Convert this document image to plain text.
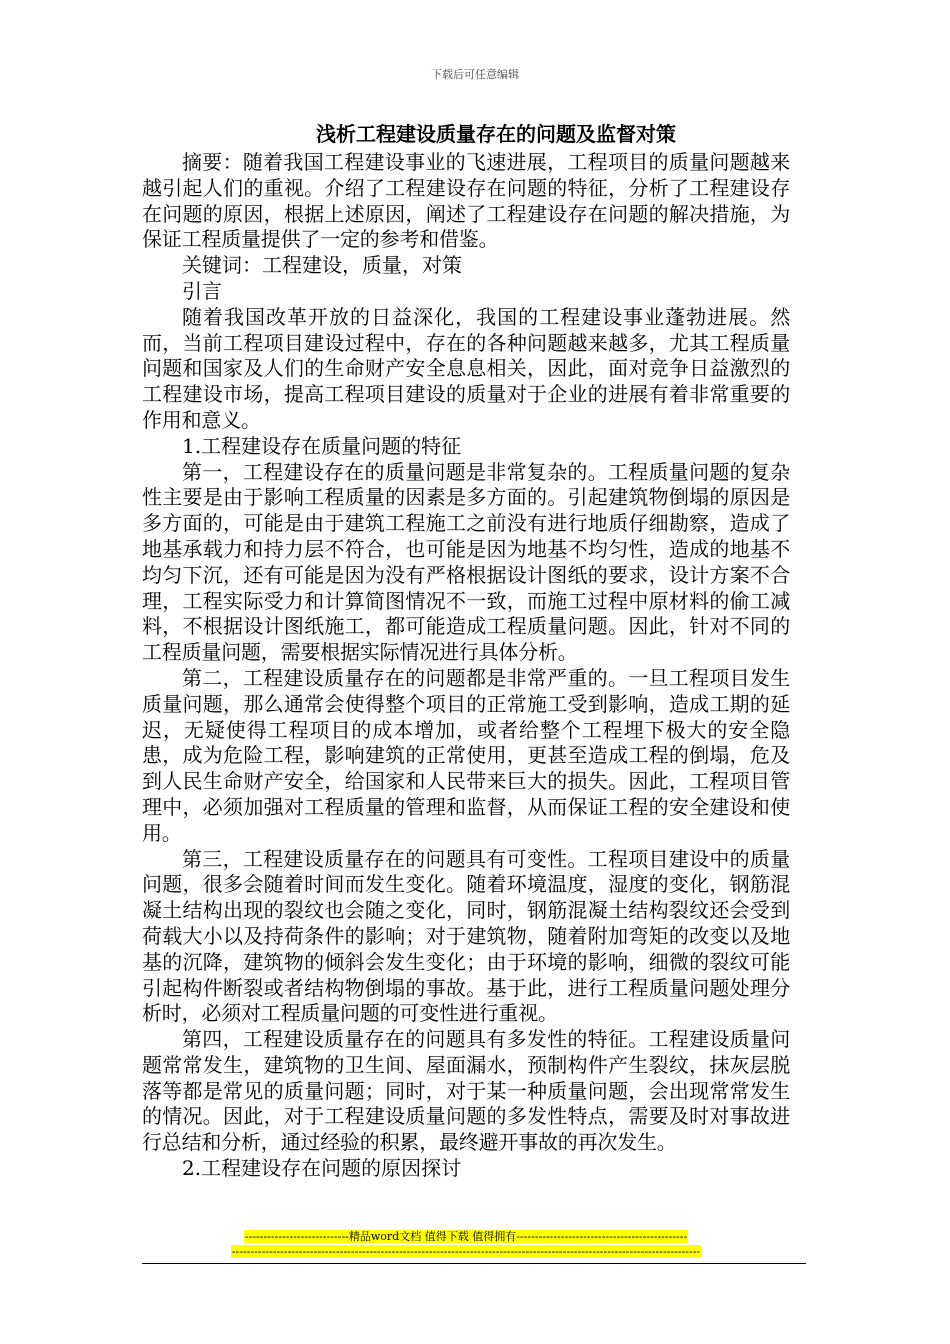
下载后可任意编辑
浅析工程建设质量存在的问题及监督对策

摘要：随着我国工程建设事业的飞速进展，工程项目的质量问题越来越引起人们的重视。介绍了工程建设存在问题的特征，分析了工程建设存在问题的原因，根据上述原因，阐述了工程建设存在问题的解决措施，为保证工程质量提供了一定的参考和借鉴。

关键词：工程建设，质量，对策

引言

随着我国改革开放的日益深化，我国的工程建设事业蓬勃进展。然而，当前工程项目建设过程中，存在的各种问题越来越多，尤其工程质量问题和国家及人们的生命财产安全息息相关，因此，面对竞争日益激烈的工程建设市场，提高工程项目建设的质量对于企业的进展有着非常重要的作用和意义。

1.工程建设存在质量问题的特征

第一，工程建设存在的质量问题是非常复杂的。工程质量问题的复杂性主要是由于影响工程质量的因素是多方面的。引起建筑物倒塌的原因是多方面的，可能是由于建筑工程施工之前没有进行地质仔细勘察，造成了地基承载力和持力层不符合，也可能是因为地基不均匀性，造成的地基不均匀下沉，还有可能是因为没有严格根据设计图纸的要求，设计方案不合理，工程实际受力和计算简图情况不一致，而施工过程中原材料的偷工减料，不根据设计图纸施工，都可能造成工程质量问题。因此，针对不同的工程质量问题，需要根据实际情况进行具体分析。

第二，工程建设质量存在的问题都是非常严重的。一旦工程项目发生质量问题，那么通常会使得整个项目的正常施工受到影响，造成工期的延迟，无疑使得工程项目的成本增加，或者给整个工程埋下极大的安全隐患，成为危险工程，影响建筑的正常使用，更甚至造成工程的倒塌，危及到人民生命财产安全，给国家和人民带来巨大的损失。因此，工程项目管理中，必须加强对工程质量的管理和监督，从而保证工程的安全建设和使用。

第三，工程建设质量存在的问题具有可变性。工程项目建设中的质量问题，很多会随着时间而发生变化。随着环境温度，湿度的变化，钢筋混凝土结构出现的裂纹也会随之变化，同时，钢筋混凝土结构裂纹还会受到荷载大小以及持荷条件的影响；对于建筑物，随着附加弯矩的改变以及地基的沉降，建筑物的倾斜会发生变化；由于环境的影响，细微的裂纹可能引起构件断裂或者结构物倒塌的事故。基于此，进行工程质量问题处理分析时，必须对工程质量问题的可变性进行重视。

第四，工程建设质量存在的问题具有多发性的特征。工程建设质量问题常常发生，建筑物的卫生间、屋面漏水，预制构件产生裂纹，抹灰层脱落等都是常见的质量问题；同时，对于某一种质量问题，会出现常常发生的情况。因此，对于工程建设质量问题的多发性特点，需要及时对事故进行总结和分析，通过经验的积累，最终避开事故的再次发生。

2.工程建设存在问题的原因探讨

----------------------------精品word文档 值得下载 值得拥有----------------------------------------------
------------------------------------------------------------------------------------------------------------------------------
